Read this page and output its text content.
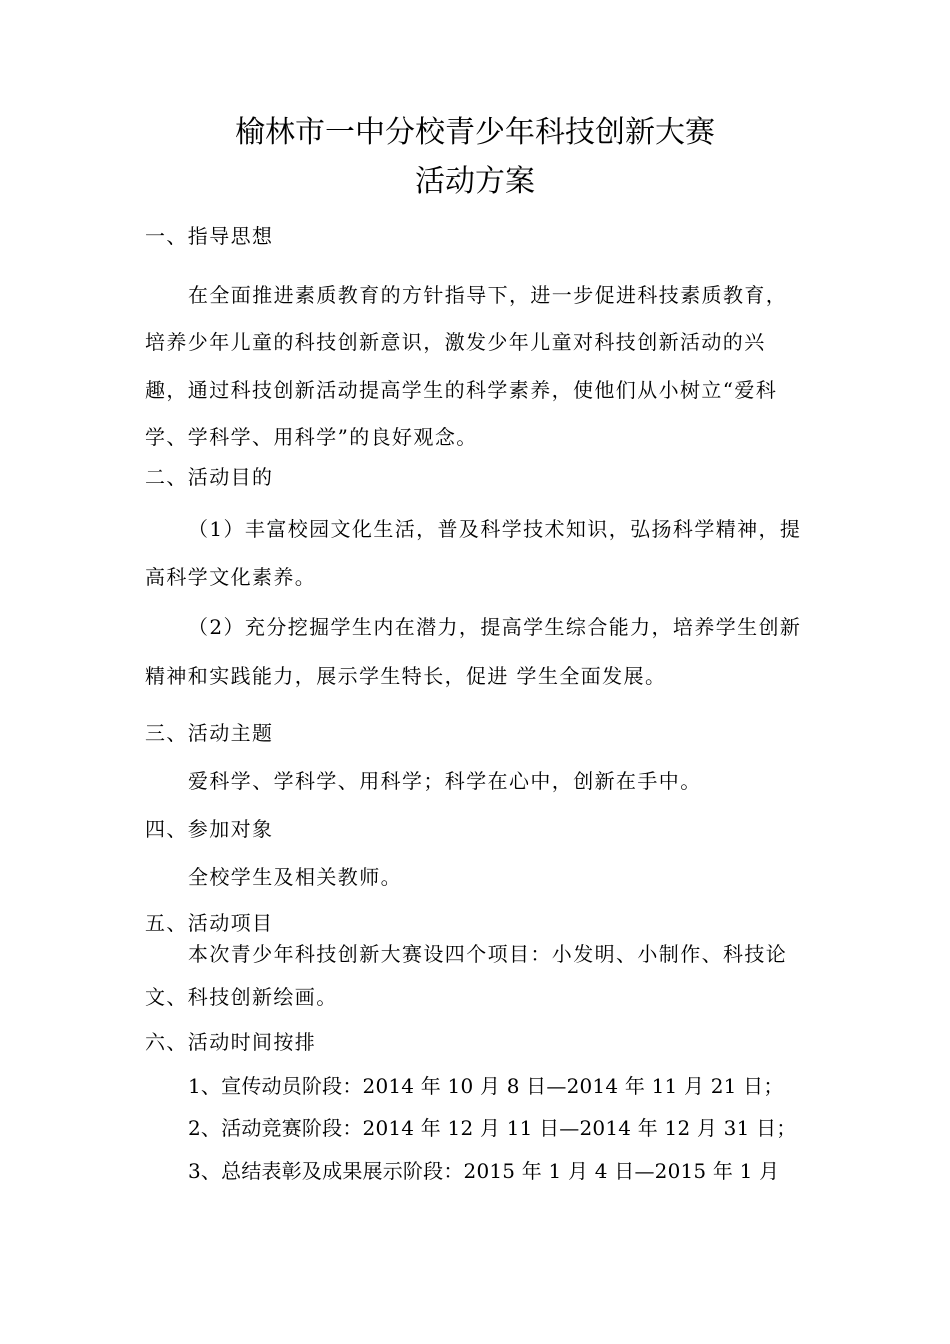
榆林市一中分校青少年科技创新大赛
活动方案
一、指导思想
在全面推进素质教育的方针指导下，进一步促进科技素质教育，
培养少年儿童的科技创新意识，激发少年儿童对科技创新活动的兴
趣，通过科技创新活动提高学生的科学素养，使他们从小树立“爱科
学、学科学、用科学”的良好观念。
二、活动目的
（1）丰富校园文化生活，普及科学技术知识，弘扬科学精神，提
高科学文化素养。
（2）充分挖掘学生内在潜力，提高学生综合能力，培养学生创新
精神和实践能力，展示学生特长，促进 学生全面发展。
三、活动主题
爱科学、学科学、用科学；科学在心中，创新在手中。
四、参加对象
全校学生及相关教师。
五、活动项目
本次青少年科技创新大赛设四个项目：小发明、小制作、科技论
文、科技创新绘画。
六、活动时间按排
1、宣传动员阶段：2014 年 10 月 8 日—2014 年 11 月 21 日；
2、活动竞赛阶段：2014 年 12 月 11 日—2014 年 12 月 31 日；
3、总结表彰及成果展示阶段：2015 年 1 月 4 日—2015 年 1 月
